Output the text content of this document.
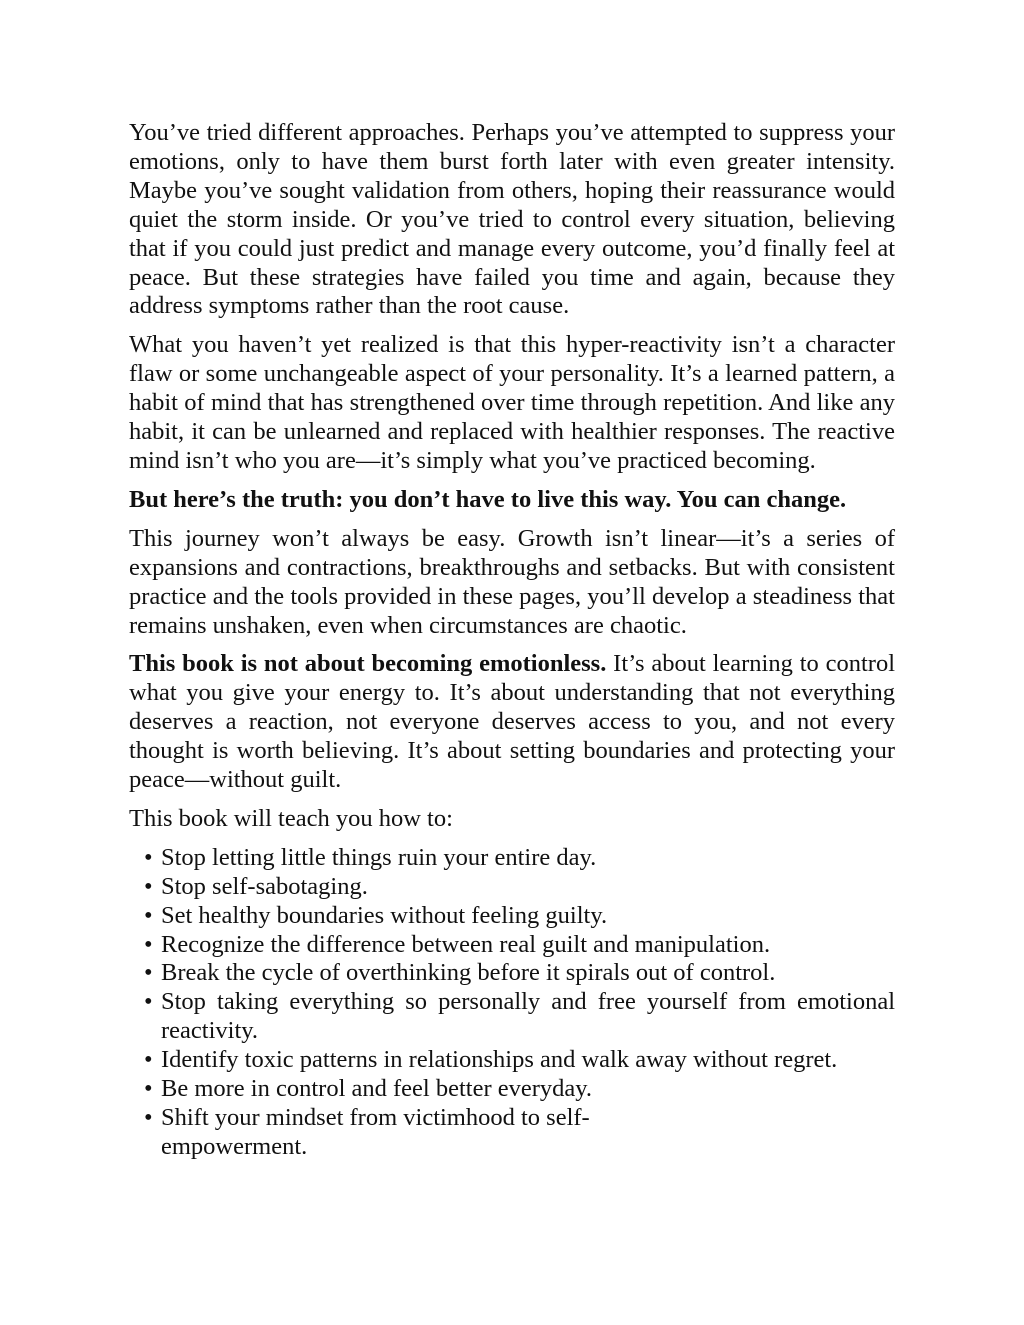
You’ve tried different approaches. Perhaps you’ve attempted to suppress your emotions, only to have them burst forth later with even greater intensity. Maybe you’ve sought validation from others, hoping their reassurance would quiet the storm inside. Or you’ve tried to control every situation, believing that if you could just predict and manage every outcome, you’d finally feel at peace. But these strategies have failed you time and again, because they address symptoms rather than the root cause.

What you haven’t yet realized is that this hyper-reactivity isn’t a character flaw or some unchangeable aspect of your personality. It’s a learned pattern, a habit of mind that has strengthened over time through repetition. And like any habit, it can be unlearned and replaced with healthier responses. The reactive mind isn’t who you are—it’s simply what you’ve practiced becoming.

But here’s the truth: you don’t have to live this way. You can change.

This journey won’t always be easy. Growth isn’t linear—it’s a series of expansions and contractions, breakthroughs and setbacks. But with consistent practice and the tools provided in these pages, you’ll develop a steadiness that remains unshaken, even when circumstances are chaotic.

This book is not about becoming emotionless. It’s about learning to control what you give your energy to. It’s about understanding that not everything deserves a reaction, not everyone deserves access to you, and not every thought is worth believing. It’s about setting boundaries and protecting your peace—without guilt.

This book will teach you how to:

• Stop letting little things ruin your entire day.
• Stop self-sabotaging.
• Set healthy boundaries without feeling guilty.
• Recognize the difference between real guilt and manipulation.
• Break the cycle of overthinking before it spirals out of control.
• Stop taking everything so personally and free yourself from emotional reactivity.
• Identify toxic patterns in relationships and walk away without regret.
• Be more in control and feel better everyday.
• Shift your mindset from victimhood to self-empowerment.
